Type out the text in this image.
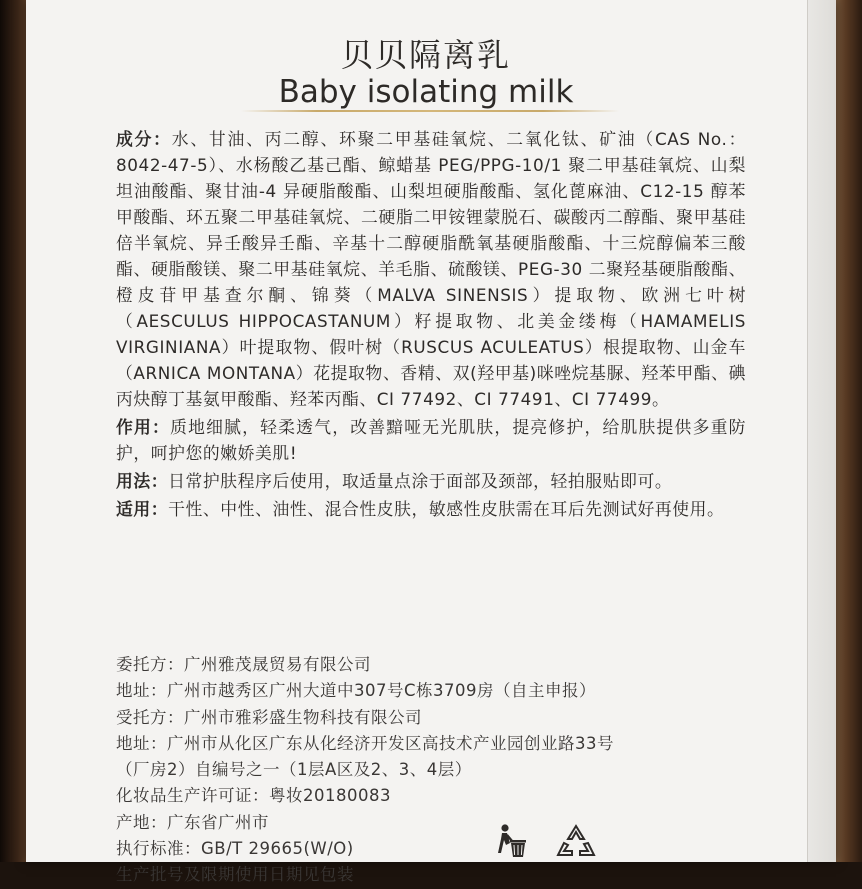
贝贝隔离乳
Baby isolating milk

成分：水、甘油、丙二醇、环聚二甲基硅氧烷、二氧化钛、矿油（CAS No.：8042-47-5）、水杨酸乙基己酯、鲸蜡基 PEG/PPG-10/1 聚二甲基硅氧烷、山梨坦油酸酯、聚甘油-4 异硬脂酸酯、山梨坦硬脂酸酯、氢化蓖麻油、C12-15 醇苯甲酸酯、环五聚二甲基硅氧烷、二硬脂二甲铵锂蒙脱石、碳酸丙二醇酯、聚甲基硅倍半氧烷、异壬酸异壬酯、辛基十二醇硬脂酰氧基硬脂酸酯、十三烷醇偏苯三酸酯、硬脂酸镁、聚二甲基硅氧烷、羊毛脂、硫酸镁、PEG-30 二聚羟基硬脂酸酯、橙皮苷甲基查尔酮、锦葵（MALVA SINENSIS）提取物、欧洲七叶树（AESCULUS HIPPOCASTANUM）籽提取物、北美金缕梅（HAMAMELIS VIRGINIANA）叶提取物、假叶树（RUSCUS ACULEATUS）根提取物、山金车（ARNICA MONTANA）花提取物、香精、双(羟甲基)咪唑烷基脲、羟苯甲酯、碘丙炔醇丁基氨甲酸酯、羟苯丙酯、CI 77492、CI 77491、CI 77499。

作用：质地细腻，轻柔透气，改善黯哑无光肌肤，提亮修护，给肌肤提供多重防护，呵护您的嫩娇美肌!

用法：日常护肤程序后使用，取适量点涂于面部及颈部，轻拍服贴即可。

适用：干性、中性、油性、混合性皮肤，敏感性皮肤需在耳后先测试好再使用。

委托方：广州雅茂晟贸易有限公司

地址：广州市越秀区广州大道中307号C栋3709房（自主申报）

受托方：广州市雅彩盛生物科技有限公司

地址：广州市从化区广东从化经济开发区高技术产业园创业路33号

（厂房2）自编号之一（1层A区及2、3、4层）

化妆品生产许可证：粤妆20180083

产地：广东省广州市

执行标准：GB/T 29665(W/O)

生产批号及限期使用日期见包装
